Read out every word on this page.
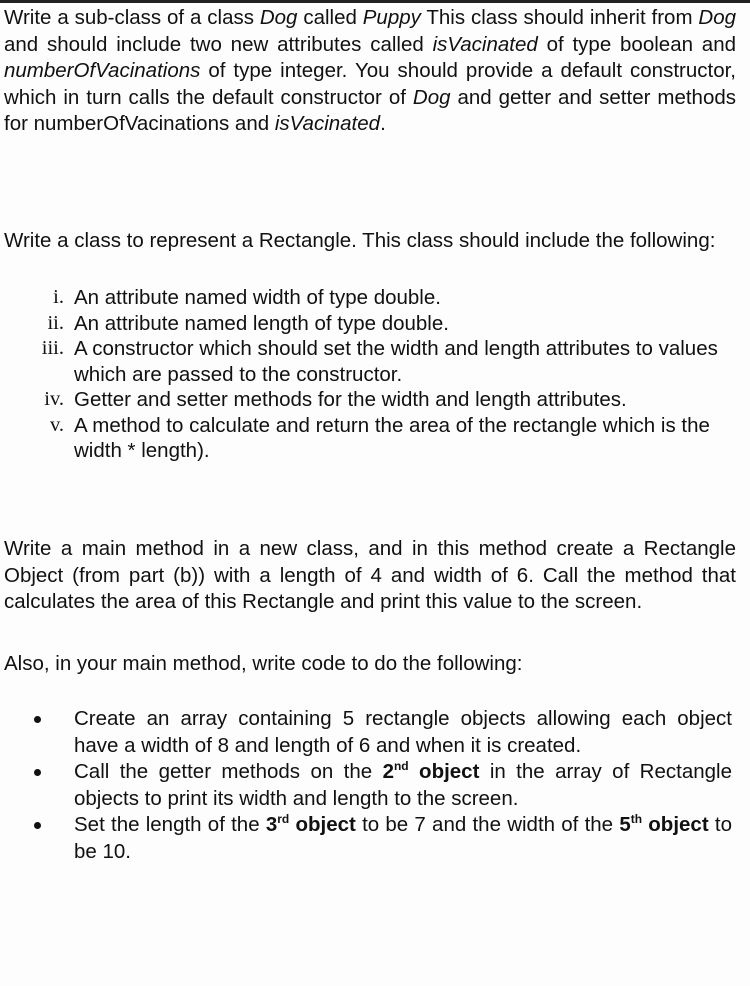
Write a sub-class of a class Dog called Puppy This class should inherit from Dog and should include two new attributes called isVacinated of type boolean and numberOfVacinations of type integer. You should provide a default constructor, which in turn calls the default constructor of Dog and getter and setter methods for numberOfVacinations and isVacinated.

Write a class to represent a Rectangle. This class should include the following:

i. An attribute named width of type double.
ii. An attribute named length of type double.
iii. A constructor which should set the width and length attributes to values which are passed to the constructor.
iv. Getter and setter methods for the width and length attributes.
v. A method to calculate and return the area of the rectangle which is the width * length).

Write a main method in a new class, and in this method create a Rectangle Object (from part (b)) with a length of 4 and width of 6. Call the method that calculates the area of this Rectangle and print this value to the screen.

Also, in your main method, write code to do the following:

Create an array containing 5 rectangle objects allowing each object have a width of 8 and length of 6 and when it is created.
Call the getter methods on the 2nd object in the array of Rectangle objects to print its width and length to the screen.
Set the length of the 3rd object to be 7 and the width of the 5th object to be 10.
